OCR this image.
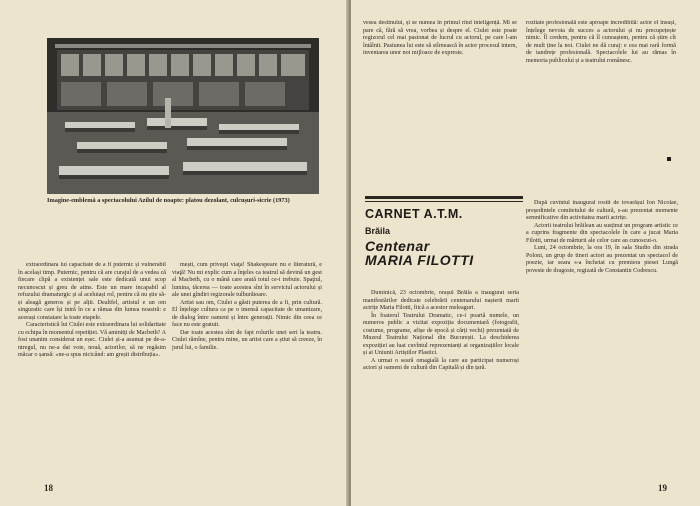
Imagine-emblemă a spectacolului Azilul de noapte: platou dezolant, culcușuri-sicrie (1973)

extraordinara lui capacitate de a fi puternic și vulnerabil în același timp. Puternic, pentru că are curajul de a vedea că fiecare clipă a existenței sale este dedicată unui scop necunoscut și greu de atins. Este un mare incapabil al refuzului dramaturgic și al aceluiași rol, pentru că nu știe să-și aleagă generos și pe alții. Dealtfel, artistul e un om singuratic care își intră în ce a rămas din lumea noastră: e aceeași constatare la toate etapele.

Caracteristică lui Ciulei este extraordinara lui solidaritate cu echipa în momentul repetiției. Vă aminitți de Macbeth? A fost unanim considerat un eșec. Ciulei și-a asumat pe de-a-ntregul, nu ne-a dat voie, nouă, actorilor, să ne regăsim măcar o șansă: «ne-a spus nicicând: am greșit distribuția».

mești, cum priveşti viaţa! Shakespeare nu e literatură, e viaţă! Nu mi explic cum a înţeles ca teatrul să devină un gest al Macbeth, cu o mână care arată totul ce-i trebuie. Spaţiul, lumina, tăcerea — toate acestea sînt în serviciul actorului și ale unei gîndiri regizorale tulburătoare.

Artist sau om, Ciulei a găsit puterea de a fi, prin cultură. El înțelege cultura ca pe o imensă capacitate de umanizare, de dialog între oameni și între generații. Nimic din ceea ce face nu este gratuit.

Dar toate acestea sînt de fapt rolurile unei seri la teatru. Ciulei rămîne, pentru mine, un artist care a știut să creeze, în jurul lui, o familie.

18

vesea destinului, și se numea în primul rînd inteligență. Mi se pare că, fără să vrea, vorbea și despre el. Ciulei este poate regizorul cel mai pasionat de lucrul cu actorul, pe care l-am întâlnit. Pasiunea lui este să stîrnească în actor procesul intern, inventarea unor noi mijloace de expresie.

rozitate profesională este aproape incredibilă: actor el însuși, înțelege nevoia de succes a actorului și nu precupețește nimic. Îl credem, pentru că îl cunoaștem, pentru că știm cît de mult ține la noi. Ciulei ne dă curaj: e cea mai rară formă de tandrețe profesională. Spectacolele lui au rămas în memoria publicului și a teatrului românesc.

CARNET A.T.M.
Brăila
Centenar
MARIA FILOTTI

Duminică, 23 octombrie, orașul Brăila a inaugurat seria manifestărilor dedicate celebrării centenarului nașterii marii actrițe Maria Filotti, fiică a acestor meleaguri.

În foaierul Teatrului Dramatic, ce-i poartă numele, un numeros public a vizitat expoziția documentară (fotografii, costume, programe, afișe de epocă și cărți vechi) prezentată de Muzeul Teatrului Național din București. La deschiderea expoziției au luat cuvîntul reprezentanți ai organizațiilor locale și ai Uniunii Artiștilor Plastici.

A urmat o seară omagială la care au participat numeroși actori și oameni de cultură din Capitală și din țară.

După cuvîntul inaugural rostit de tovarășul Ion Nicolae, președintele comitetului de cultură, s-au prezentat momente semnificative din activitatea marii actrițe.

Actorii teatrului brăilean au susținut un program artistic ce a cuprins fragmente din spectacolele în care a jucat Maria Filotti, urmat de mărturii ale celor care au cunoscut-o.

Luni, 24 octombrie, la ora 19, în sala Studio din strada Poloni, un grup de tineri actori au prezentat un spectacol de poezie, iar seara s-a încheiat cu premiera piesei Lungă poveste de dragoste, regizată de Constantin Codrescu.

19
